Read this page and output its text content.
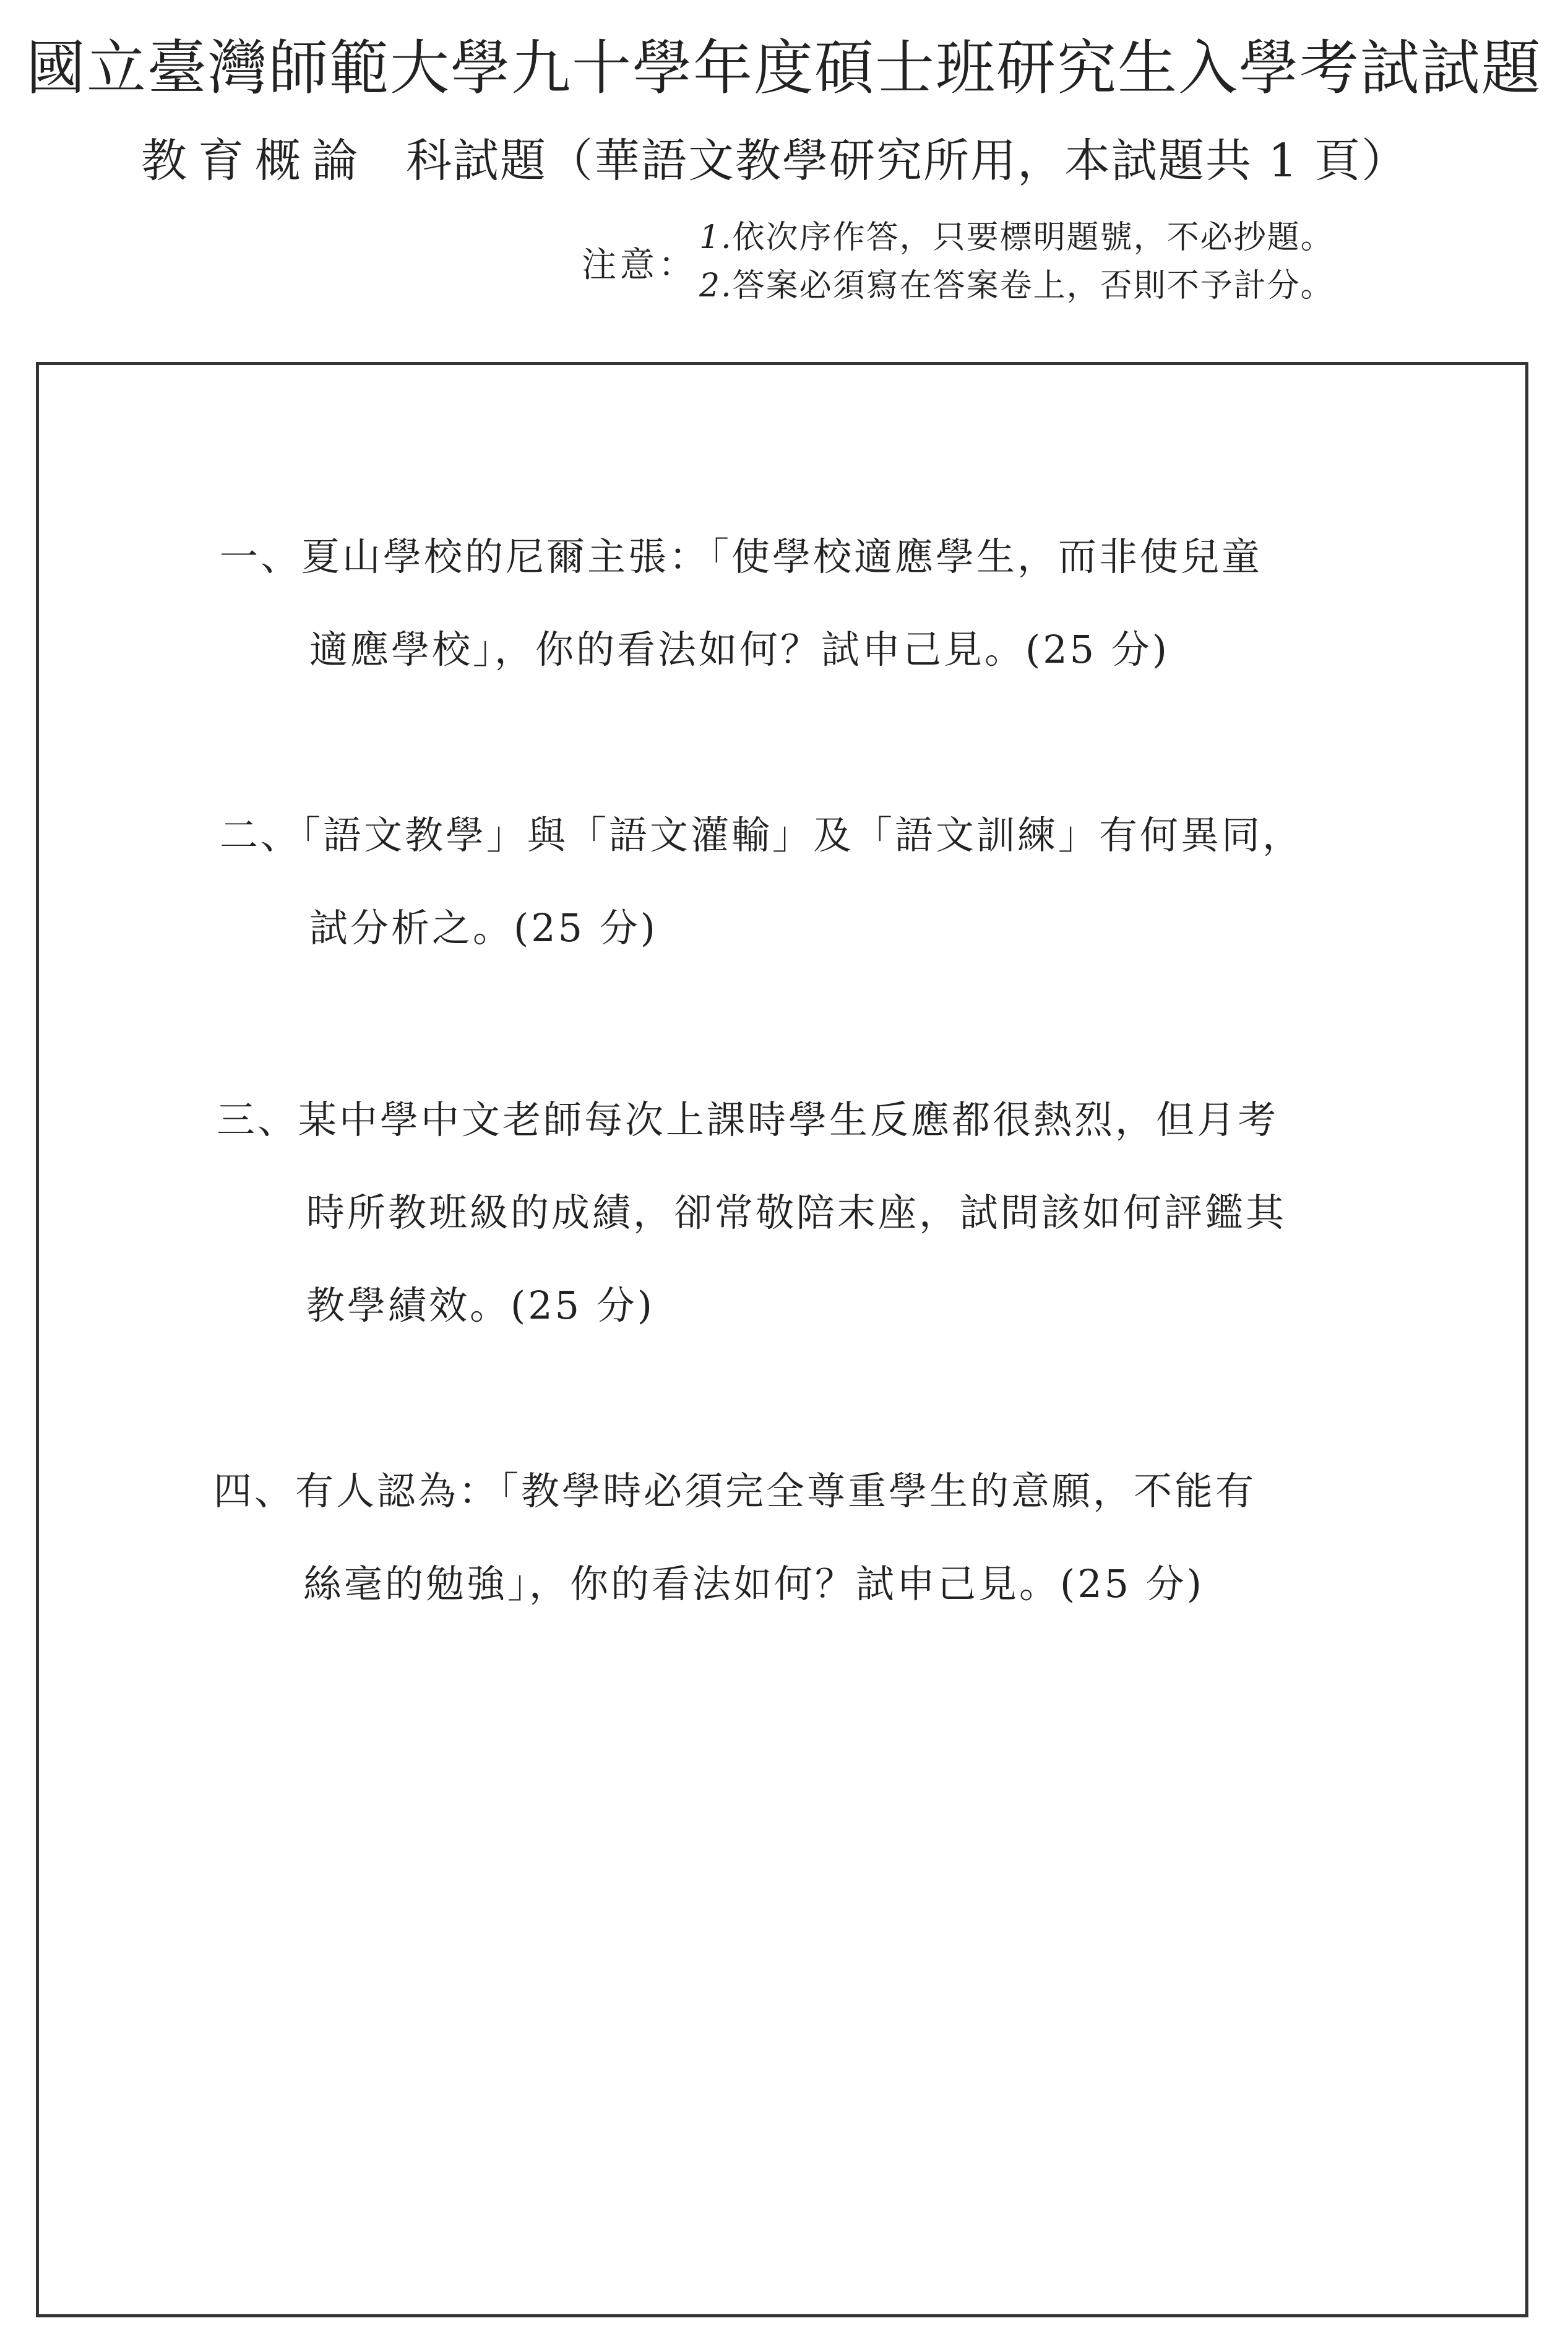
國立臺灣師範大學九十學年度碩士班研究生入學考試試題
教育概論 科試題（華語文教學研究所用，本試題共 1 頁）
注意：
1.依次序作答，只要標明題號，不必抄題。
2.答案必須寫在答案卷上，否則不予計分。
一、夏山學校的尼爾主張：「使學校適應學生，而非使兒童
適應學校」，你的看法如何？試申己見。(25 分)
二、「語文教學」與「語文灌輸」及「語文訓練」有何異同，
試分析之。(25 分)
三、某中學中文老師每次上課時學生反應都很熱烈，但月考
時所教班級的成績，卻常敬陪末座，試問該如何評鑑其
教學績效。(25 分)
四、有人認為：「教學時必須完全尊重學生的意願，不能有
絲毫的勉強」，你的看法如何？試申己見。(25 分)
